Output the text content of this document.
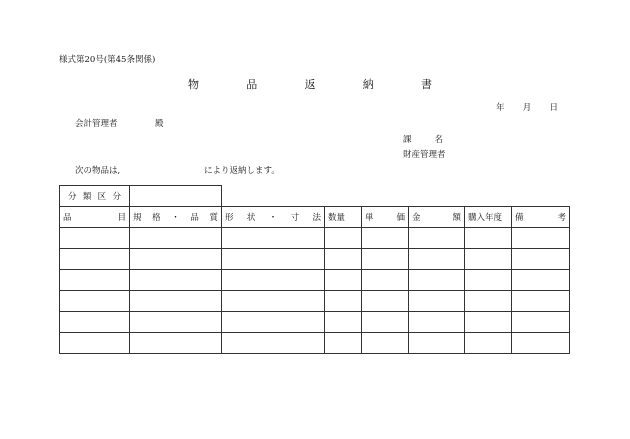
様式第20号(第45条関係)
物	品	返	納	書
年 月 日
会計管理者	殿
課	名
財産管理者
次の物品は,	により返納します。
分 類 区 分							

品 目	規 格 ・ 品 質	形 状 ・ 寸 法	数量	単 価	金 額	購入年度	備 考
